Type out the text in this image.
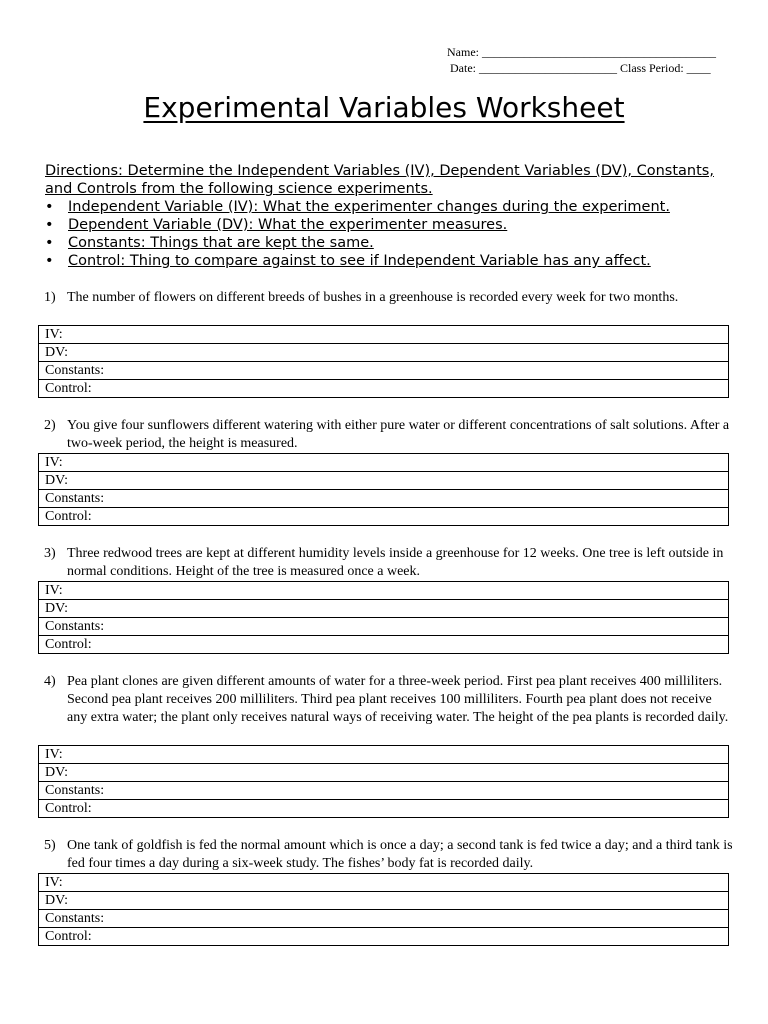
Name: _______________________________________
Date: _______________________ Class Period: ____
Experimental Variables Worksheet
Directions: Determine the Independent Variables (IV), Dependent Variables (DV), Constants, and Controls from the following science experiments.
• Independent Variable (IV): What the experimenter changes during the experiment.
• Dependent Variable (DV): What the experimenter measures.
• Constants: Things that are kept the same.
• Control: Thing to compare against to see if Independent Variable has any affect.
1) The number of flowers on different breeds of bushes in a greenhouse is recorded every week for two months.
IV:
DV:
Constants:
Control:
2) You give four sunflowers different watering with either pure water or different concentrations of salt solutions. After a two-week period, the height is measured.
IV:
DV:
Constants:
Control:
3) Three redwood trees are kept at different humidity levels inside a greenhouse for 12 weeks. One tree is left outside in normal conditions. Height of the tree is measured once a week.
IV:
DV:
Constants:
Control:
4) Pea plant clones are given different amounts of water for a three-week period. First pea plant receives 400 milliliters. Second pea plant receives 200 milliliters. Third pea plant receives 100 milliliters. Fourth pea plant does not receive any extra water; the plant only receives natural ways of receiving water. The height of the pea plants is recorded daily.
IV:
DV:
Constants:
Control:
5) One tank of goldfish is fed the normal amount which is once a day; a second tank is fed twice a day; and a third tank is fed four times a day during a six-week study. The fishes’ body fat is recorded daily.
IV:
DV:
Constants:
Control:
